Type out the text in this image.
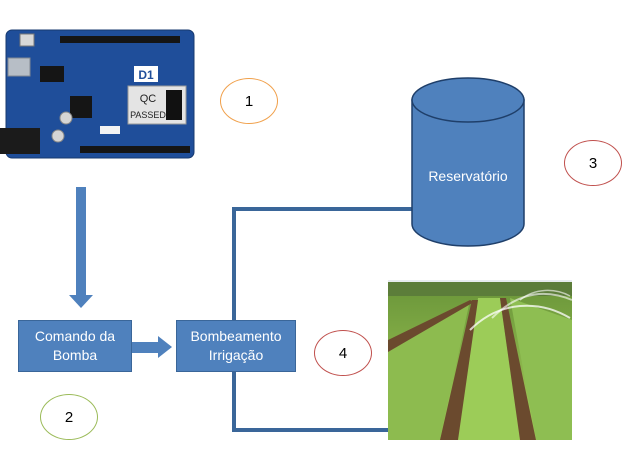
D1
QC
PASSED
Comando da
Bomba
Bombeamento
Irrigação
Reservatório
1
2
3
4
